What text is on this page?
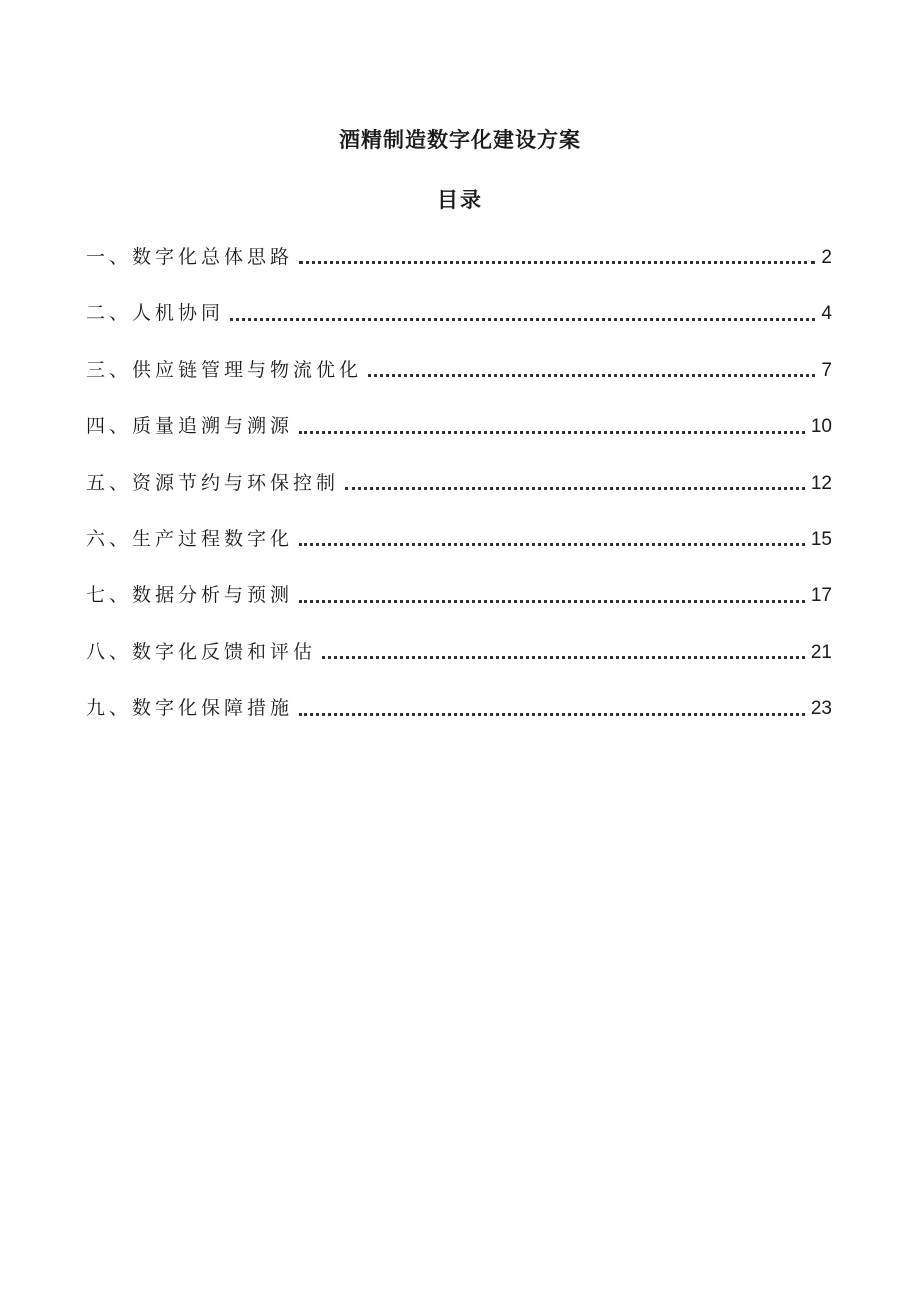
酒精制造数字化建设方案
目录
一、数字化总体思路	2
二、人机协同	4
三、供应链管理与物流优化	7
四、质量追溯与溯源	10
五、资源节约与环保控制	12
六、生产过程数字化	15
七、数据分析与预测	17
八、数字化反馈和评估	21
九、数字化保障措施	23
